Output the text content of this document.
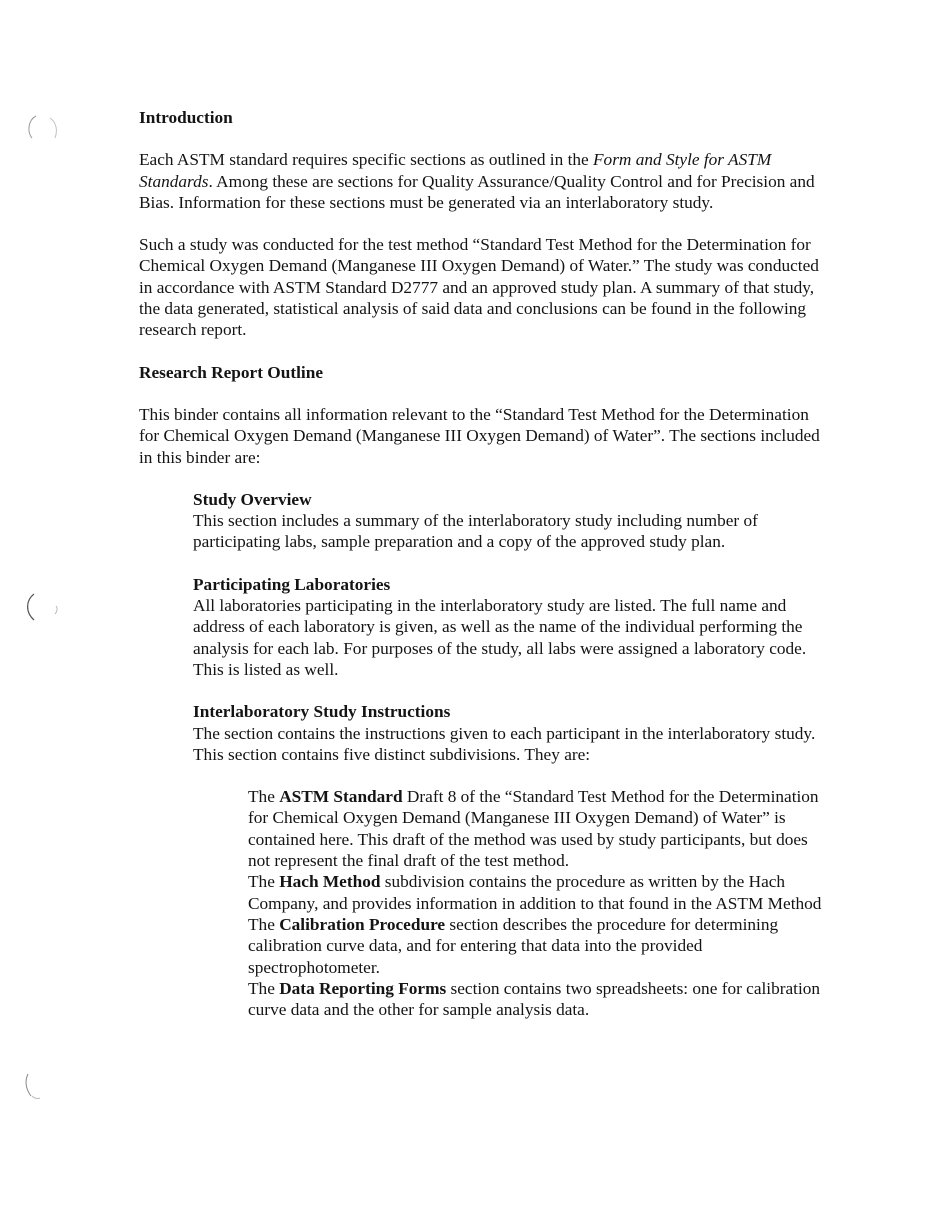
Introduction

Each ASTM standard requires specific sections as outlined in the Form and Style for ASTM Standards. Among these are sections for Quality Assurance/Quality Control and for Precision and Bias. Information for these sections must be generated via an interlaboratory study.

Such a study was conducted for the test method “Standard Test Method for the Determination for Chemical Oxygen Demand (Manganese III Oxygen Demand) of Water.” The study was conducted in accordance with ASTM Standard D2777 and an approved study plan. A summary of that study, the data generated, statistical analysis of said data and conclusions can be found in the following research report.

Research Report Outline

This binder contains all information relevant to the “Standard Test Method for the Determination for Chemical Oxygen Demand (Manganese III Oxygen Demand) of Water”. The sections included in this binder are:

Study Overview

This section includes a summary of the interlaboratory study including number of participating labs, sample preparation and a copy of the approved study plan.

Participating Laboratories

All laboratories participating in the interlaboratory study are listed. The full name and address of each laboratory is given, as well as the name of the individual performing the analysis for each lab. For purposes of the study, all labs were assigned a laboratory code. This is listed as well.

Interlaboratory Study Instructions

The section contains the instructions given to each participant in the interlaboratory study. This section contains five distinct subdivisions. They are:

The ASTM Standard Draft 8 of the “Standard Test Method for the Determination for Chemical Oxygen Demand (Manganese III Oxygen Demand) of Water” is contained here. This draft of the method was used by study participants, but does not represent the final draft of the test method.

The Hach Method subdivision contains the procedure as written by the Hach Company, and provides information in addition to that found in the ASTM Method

The Calibration Procedure section describes the procedure for determining calibration curve data, and for entering that data into the provided spectrophotometer.

The Data Reporting Forms section contains two spreadsheets: one for calibration curve data and the other for sample analysis data.
